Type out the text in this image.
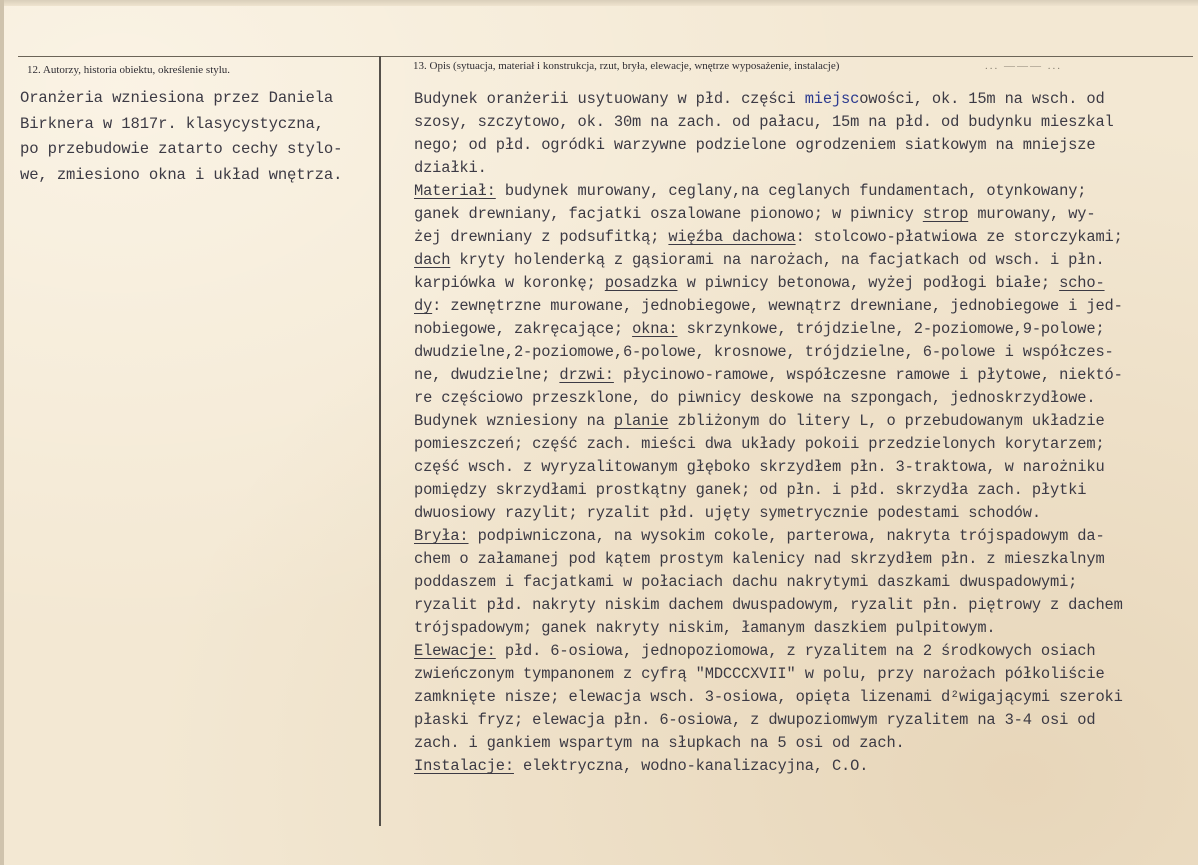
12. Autorzy, historia obiektu, określenie stylu.	13. Opis (sytuacja, materiał i konstrukcja, rzut, bryła, elewacje, wnętrze wyposażenie, instalacje)	... ——— ...
Oranżeria wzniesiona przez Daniela
Birknera w 1817r. klasycystyczna,
po przebudowie zatarto cechy stylo-
we, zmiesiono okna i układ wnętrza.
Budynek oranżerii usytuowany w płd. części miejscowości, ok. 15m na wsch. od
szosy, szczytowo, ok. 30m na zach. od pałacu, 15m na płd. od budynku mieszkal
nego; od płd. ogródki warzywne podzielone ogrodzeniem siatkowym na mniejsze
działki.
Materiał: budynek murowany, ceglany,na ceglanych fundamentach, otynkowany;
ganek drewniany, facjatki oszalowane pionowo; w piwnicy strop murowany, wy-
żej drewniany z podsufitką; więźba dachowa: stolcowo-płatwiowa ze storczykami;
dach kryty holenderką z gąsiorami na narożach, na facjatkach od wsch. i płn.
karpiówka w koronkę; posadzka w piwnicy betonowa, wyżej podłogi białe; scho-
dy: zewnętrzne murowane, jednobiegowe, wewnątrz drewniane, jednobiegowe i jed-
nobiegowe, zakręcające; okna: skrzynkowe, trójdzielne, 2-poziomowe,9-polowe;
dwudzielne,2-poziomowe,6-polowe, krosnowe, trójdzielne, 6-polowe i współczes-
ne, dwudzielne; drzwi: płycinowo-ramowe, współczesne ramowe i płytowe, niektó-
re częściowo przeszklone, do piwnicy deskowe na szpongach, jednoskrzydłowe.
Budynek wzniesiony na planie zbliżonym do litery L, o przebudowanym układzie
pomieszczeń; część zach. mieści dwa układy pokoii przedzielonych korytarzem;
część wsch. z wyryzalitowanym głęboko skrzydłem płn. 3-traktowa, w narożniku
pomiędzy skrzydłami prostkątny ganek; od płn. i płd. skrzydła zach. płytki
dwuosiowy razylit; ryzalit płd. ujęty symetrycznie podestami schodów.
Bryła: podpiwniczona, na wysokim cokole, parterowa, nakryta trójspadowym da-
chem o załamanej pod kątem prostym kalenicy nad skrzydłem płn. z mieszkalnym
poddaszem i facjatkami w połaciach dachu nakrytymi daszkami dwuspadowymi;
ryzalit płd. nakryty niskim dachem dwuspadowym, ryzalit płn. piętrowy z dachem
trójspadowym; ganek nakryty niskim, łamanym daszkiem pulpitowym.
Elewacje: płd. 6-osiowa, jednopoziomowa, z ryzalitem na 2 środkowych osiach
zwieńczonym tympanonem z cyfrą "MDCCCXVII" w polu, przy narożach półkoliście
zamknięte nisze; elewacja wsch. 3-osiowa, opięta lizenami d²wigającymi szeroki
płaski fryz; elewacja płn. 6-osiowa, z dwupoziomwym ryzalitem na 3-4 osi od
zach. i gankiem wspartym na słupkach na 5 osi od zach.
Instalacje: elektryczna, wodno-kanalizacyjna, C.O.
